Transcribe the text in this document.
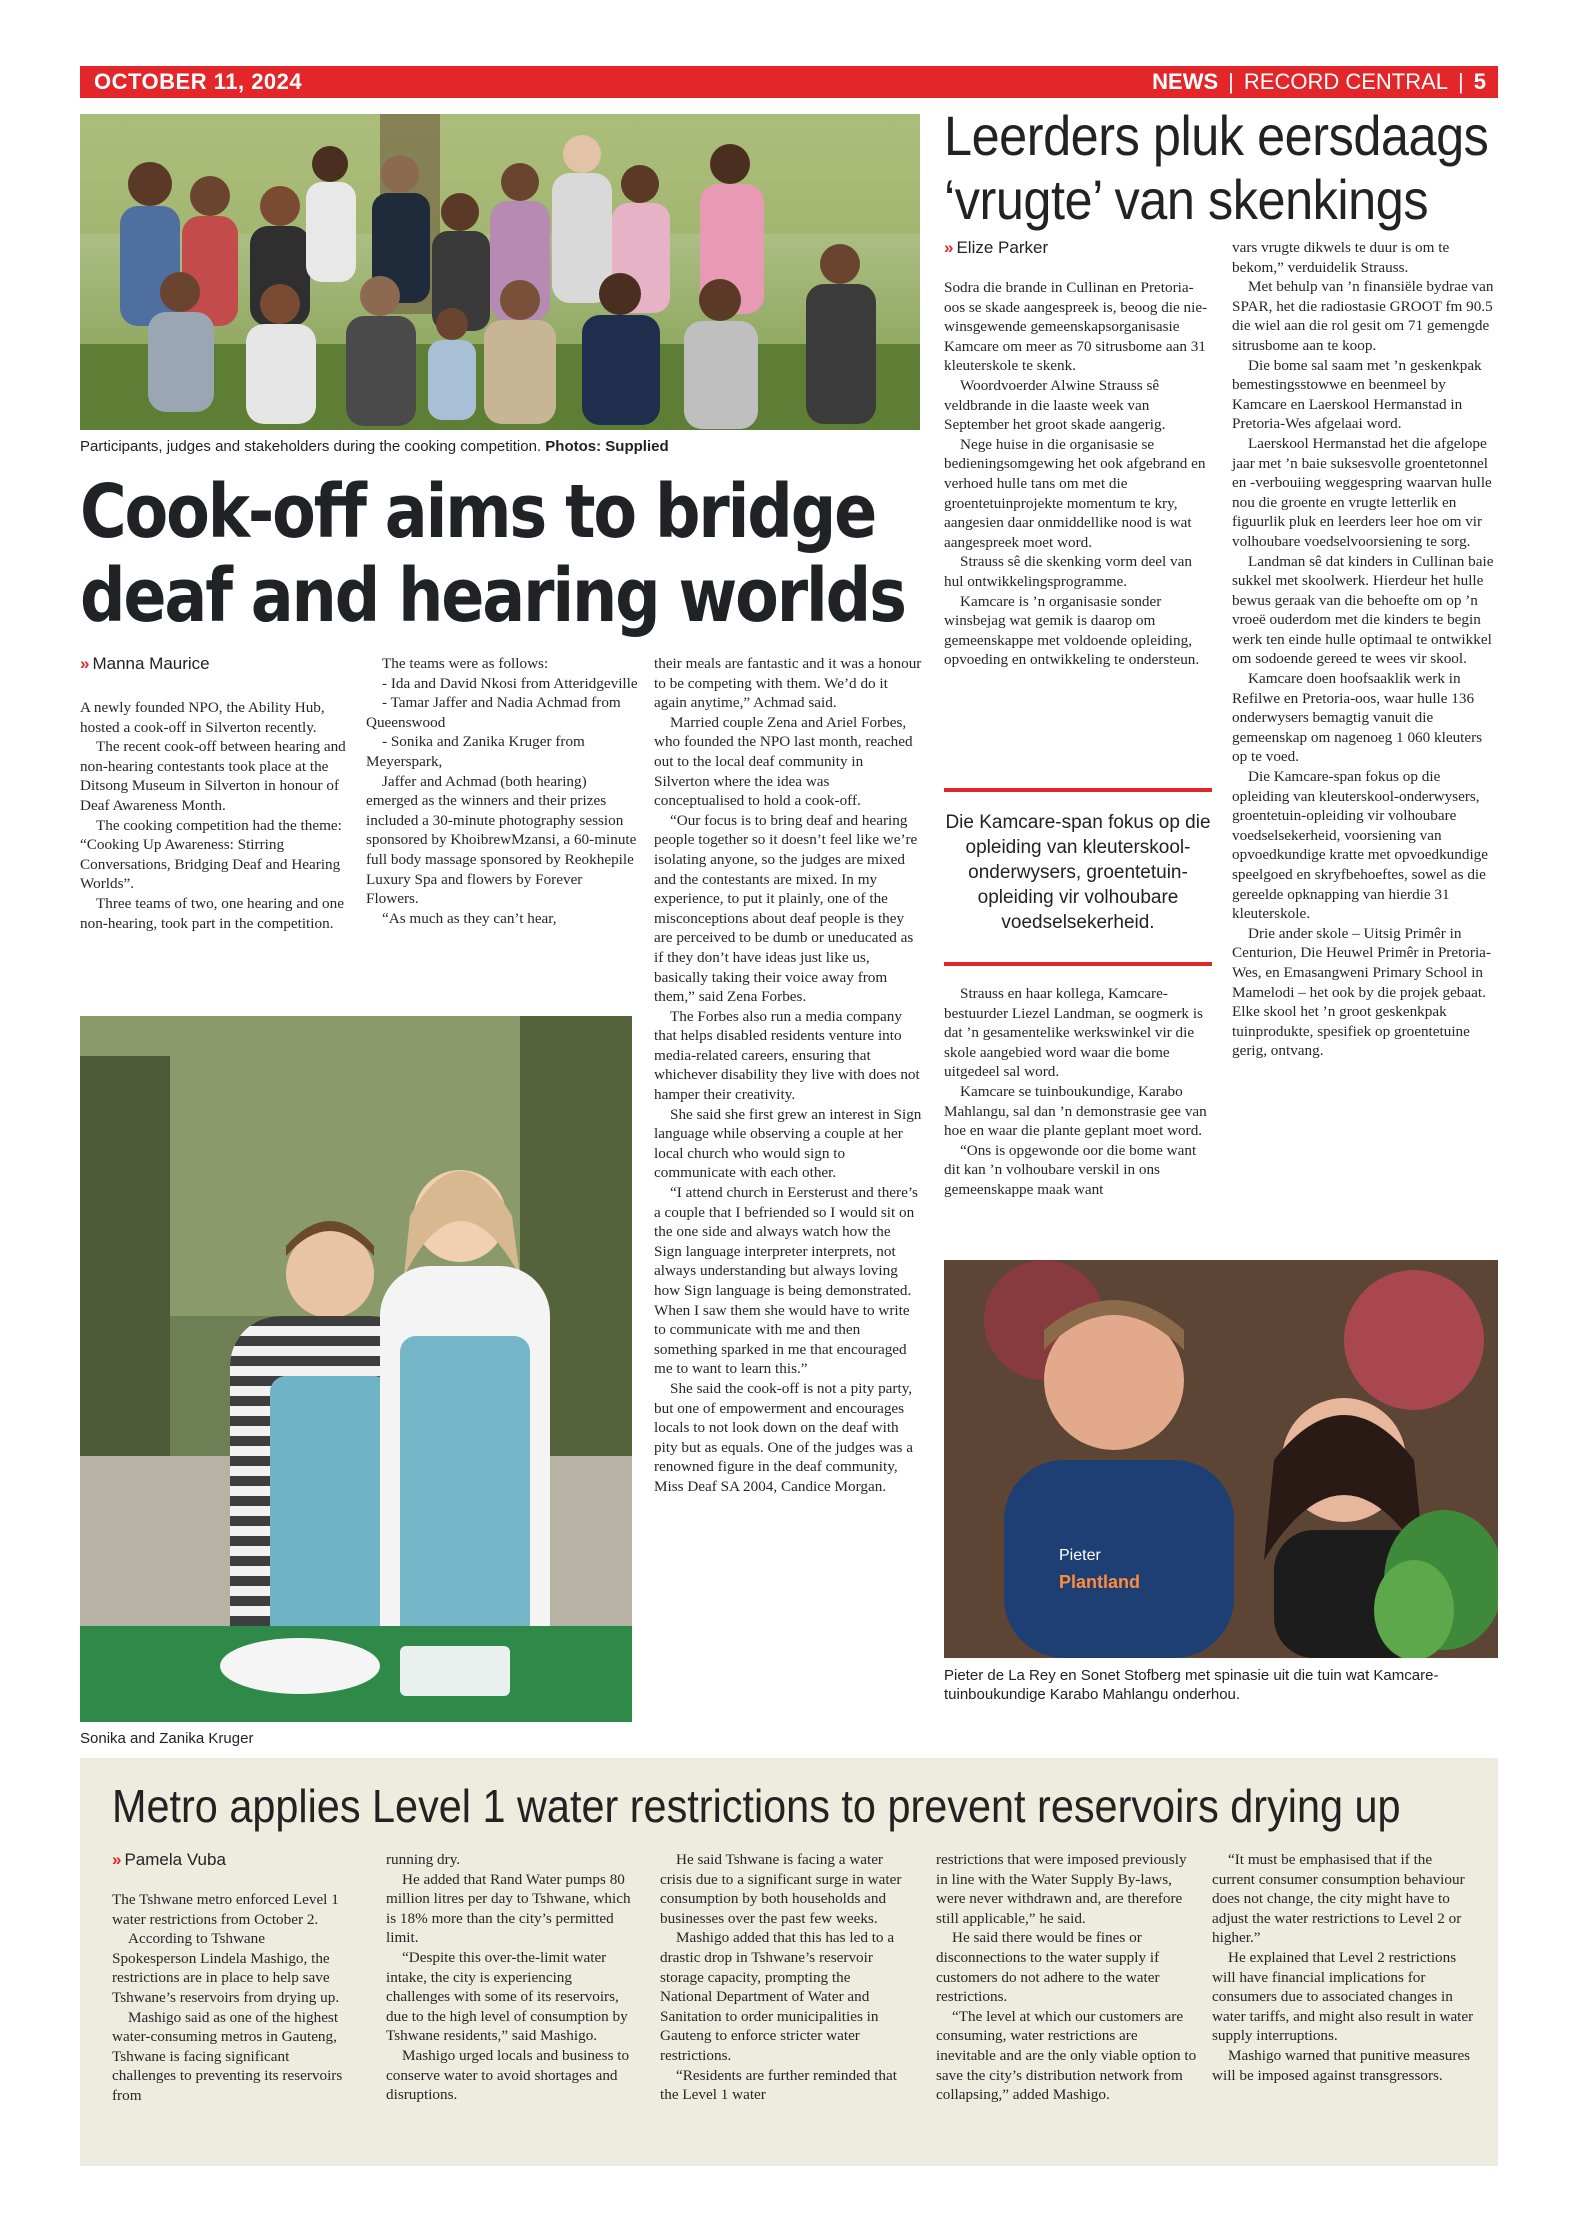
OCTOBER 11, 2024	NEWS | RECORD CENTRAL | 5
Participants, judges and stakeholders during the cooking competition. Photos: Supplied
Cook-off aims to bridge
deaf and hearing worlds
» Manna Maurice

A newly founded NPO, the Ability Hub, hosted a cook-off in Silverton recently.

The recent cook-off between hearing and non-hearing contestants took place at the Ditsong Museum in Silverton in honour of Deaf Awareness Month.

The cooking competition had the theme: “Cooking Up Awareness: Stirring Conversations, Bridging Deaf and Hearing Worlds”.

Three teams of two, one hearing and one non-hearing, took part in the competition.

The teams were as follows:

- Ida and David Nkosi from Atteridgeville

- Tamar Jaffer and Nadia Achmad from Queenswood

- Sonika and Zanika Kruger from Meyerspark,

Jaffer and Achmad (both hearing) emerged as the winners and their prizes included a 30-minute photography session sponsored by KhoibrewMzansi, a 60-minute full body massage sponsored by Reokhepile Luxury Spa and flowers by Forever Flowers.

“As much as they can’t hear,

their meals are fantastic and it was a honour to be competing with them. We’d do it again anytime,” Achmad said.

Married couple Zena and Ariel Forbes, who founded the NPO last month, reached out to the local deaf community in Silverton where the idea was conceptualised to hold a cook-off.

“Our focus is to bring deaf and hearing people together so it doesn’t feel like we’re isolating anyone, so the judges are mixed and the contestants are mixed. In my experience, to put it plainly, one of the misconceptions about deaf people is they are perceived to be dumb or uneducated as if they don’t have ideas just like us, basically taking their voice away from them,” said Zena Forbes.

The Forbes also run a media company that helps disabled residents venture into media-related careers, ensuring that whichever disability they live with does not hamper their creativity.

She said she first grew an interest in Sign language while observing a couple at her local church who would sign to communicate with each other.

“I attend church in Eersterust and there’s a couple that I befriended so I would sit on the one side and always watch how the Sign language interpreter interprets, not always understanding but always loving how Sign language is being demonstrated. When I saw them she would have to write to communicate with me and then something sparked in me that encouraged me to want to learn this.”

She said the cook-off is not a pity party, but one of empowerment and encourages locals to not look down on the deaf with pity but as equals. One of the judges was a renowned figure in the deaf community, Miss Deaf SA 2004, Candice Morgan.

Sonika and Zanika Kruger
Leerders pluk eersdaags
‘vrugte’ van skenkings
» Elize Parker

Sodra die brande in Cullinan en Pretoria-oos se skade aangespreek is, beoog die nie-winsgewende gemeenskapsorganisasie Kamcare om meer as 70 sitrusbome aan 31 kleuterskole te skenk.

Woordvoerder Alwine Strauss sê veldbrande in die laaste week van September het groot skade aangerig.

Nege huise in die organisasie se bedieningsomgewing het ook afgebrand en verhoed hulle tans om met die groentetuinprojekte momentum te kry, aangesien daar onmiddellike nood is wat aangespreek moet word.

Strauss sê die skenking vorm deel van hul ontwikkelingsprogramme.

Kamcare is ’n organisasie sonder winsbejag wat gemik is daarop om gemeenskappe met voldoende opleiding, opvoeding en ontwikkeling te ondersteun.

Die Kamcare-span fokus op die opleiding van kleuterskool-onderwysers, groentetuin-opleiding vir volhoubare voedselsekerheid.

Strauss en haar kollega, Kamcare-bestuurder Liezel Landman, se oogmerk is dat ’n gesamentelike werkswinkel vir die skole aangebied word waar die bome uitgedeel sal word.

Kamcare se tuinboukundige, Karabo Mahlangu, sal dan ’n demonstrasie gee van hoe en waar die plante geplant moet word.

“Ons is opgewonde oor die bome want dit kan ’n volhoubare verskil in ons gemeenskappe maak want

vars vrugte dikwels te duur is om te bekom,” verduidelik Strauss.

Met behulp van ’n finansiële bydrae van SPAR, het die radiostasie GROOT fm 90.5 die wiel aan die rol gesit om 71 gemengde sitrusbome aan te koop.

Die bome sal saam met ’n geskenkpak bemestingsstowwe en beenmeel by Kamcare en Laerskool Hermanstad in Pretoria-Wes afgelaai word.

Laerskool Hermanstad het die afgelope jaar met ’n baie suksesvolle groentetonnel en -verbouiing weggespring waarvan hulle nou die groente en vrugte letterlik en figuurlik pluk en leerders leer hoe om vir volhoubare voedselvoorsiening te sorg.

Landman sê dat kinders in Cullinan baie sukkel met skoolwerk. Hierdeur het hulle bewus geraak van die behoefte om op ’n vroeë ouderdom met die kinders te begin werk ten einde hulle optimaal te ontwikkel om sodoende gereed te wees vir skool.

Kamcare doen hoofsaaklik werk in Refilwe en Pretoria-oos, waar hulle 136 onderwysers bemagtig vanuit die gemeenskap om nagenoeg 1 060 kleuters op te voed.

Die Kamcare-span fokus op die opleiding van kleuterskool-onderwysers, groentetuin-opleiding vir volhoubare voedselsekerheid, voorsiening van opvoedkundige kratte met opvoedkundige speelgoed en skryfbehoeftes, sowel as die gereelde opknapping van hierdie 31 kleuterskole.

Drie ander skole – Uitsig Primêr in Centurion, Die Heuwel Primêr in Pretoria-Wes, en Emasangweni Primary School in Mamelodi – het ook by die projek gebaat. Elke skool het ’n groot geskenkpak tuinprodukte, spesifiek op groentetuine gerig, ontvang.

Pieter
Plantland
Pieter de La Rey en Sonet Stofberg met spinasie uit die tuin wat Kamcare-tuinboukundige Karabo Mahlangu onderhou.
Metro applies Level 1 water restrictions to prevent reservoirs drying up
» Pamela Vuba

The Tshwane metro enforced Level 1 water restrictions from October 2.

According to Tshwane Spokesperson Lindela Mashigo, the restrictions are in place to help save Tshwane’s reservoirs from drying up.

Mashigo said as one of the highest water-consuming metros in Gauteng, Tshwane is facing significant challenges to preventing its reservoirs from

running dry.

He added that Rand Water pumps 80 million litres per day to Tshwane, which is 18% more than the city’s permitted limit.

“Despite this over-the-limit water intake, the city is experiencing challenges with some of its reservoirs, due to the high level of consumption by Tshwane residents,” said Mashigo.

Mashigo urged locals and business to conserve water to avoid shortages and disruptions.

He said Tshwane is facing a water crisis due to a significant surge in water consumption by both households and businesses over the past few weeks.

Mashigo added that this has led to a drastic drop in Tshwane’s reservoir storage capacity, prompting the National Department of Water and Sanitation to order municipalities in Gauteng to enforce stricter water restrictions.

“Residents are further reminded that the Level 1 water

restrictions that were imposed previously in line with the Water Supply By-laws, were never withdrawn and, are therefore still applicable,” he said.

He said there would be fines or disconnections to the water supply if customers do not adhere to the water restrictions.

“The level at which our customers are consuming, water restrictions are inevitable and are the only viable option to save the city’s distribution network from collapsing,” added Mashigo.

“It must be emphasised that if the current consumer consumption behaviour does not change, the city might have to adjust the water restrictions to Level 2 or higher.”

He explained that Level 2 restrictions will have financial implications for consumers due to associated changes in water tariffs, and might also result in water supply interruptions.

Mashigo warned that punitive measures will be imposed against transgressors.
